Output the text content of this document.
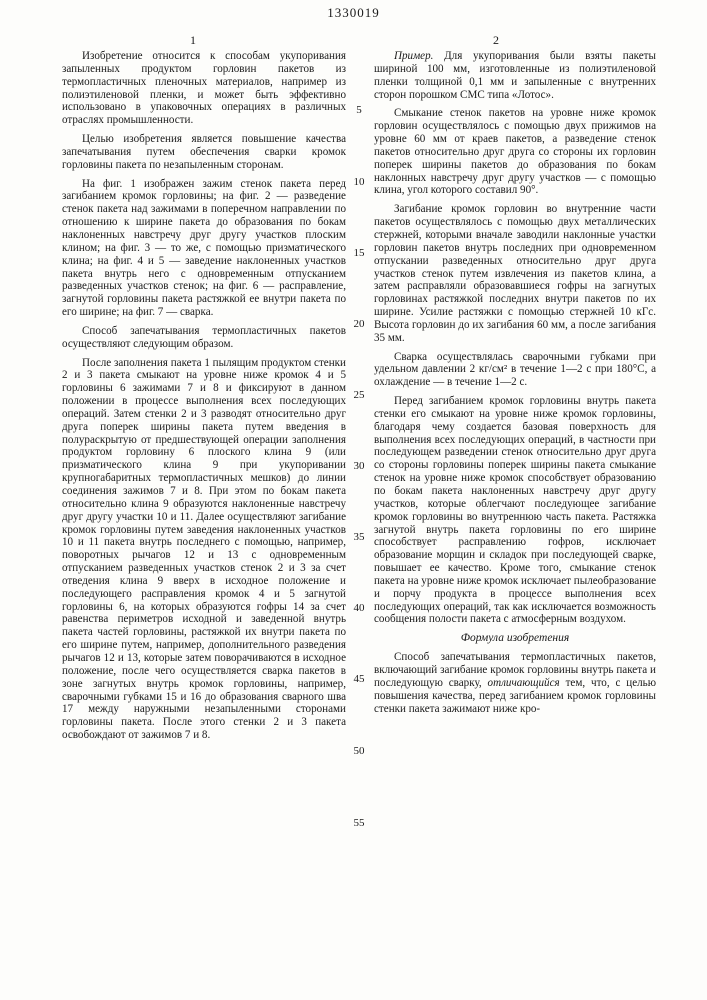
1330019
1	2
5
10
15
20
25
30
35
40
45
50
55

Изобретение относится к способам укупоривания запыленных продуктом горловин пакетов из термопластичных пленочных материалов, например из полиэтиленовой пленки, и может быть эффективно использовано в упаковочных операциях в различных отраслях промышленности.

Целью изобретения является повышение качества запечатывания путем обеспечения сварки кромок горловины пакета по незапыленным сторонам.

На фиг. 1 изображен зажим стенок пакета перед загибанием кромок горловины; на фиг. 2 — разведение стенок пакета над зажимами в поперечном направлении по отношению к ширине пакета до образования по бокам наклоненных навстречу друг другу участков плоским клином; на фиг. 3 — то же, с помощью призматического клина; на фиг. 4 и 5 — заведение наклоненных участков пакета внутрь него с одновременным отпусканием разведенных участков стенок; на фиг. 6 — расправление, загнутой горловины пакета растяжкой ее внутри пакета по его ширине; на фиг. 7 — сварка.

Способ запечатывания термопластичных пакетов осуществляют следующим образом.

После заполнения пакета 1 пылящим продуктом стенки 2 и 3 пакета смыкают на уровне ниже кромок 4 и 5 горловины 6 зажимами 7 и 8 и фиксируют в данном положении в процессе выполнения всех последующих операций. Затем стенки 2 и 3 разводят относительно друг друга поперек ширины пакета путем введения в полураскрытую от предшествующей операции заполнения продуктом горловину 6 плоского клина 9 (или призматического клина 9 при укупоривании крупногабаритных термопластичных мешков) до линии соединения зажимов 7 и 8. При этом по бокам пакета относительно клина 9 образуются наклоненные навстречу друг другу участки 10 и 11. Далее осуществляют загибание кромок горловины путем заведения наклоненных участков 10 и 11 пакета внутрь последнего с помощью, например, поворотных рычагов 12 и 13 с одновременным отпусканием разведенных участков стенок 2 и 3 за счет отведения клина 9 вверх в исходное положение и последующего расправления кромок 4 и 5 загнутой горловины 6, на которых образуются гофры 14 за счет равенства периметров исходной и заведенной внутрь пакета частей горловины, растяжкой их внутри пакета по его ширине путем, например, дополнительного разведения рычагов 12 и 13, которые затем поворачиваются в исходное положение, после чего осуществляется сварка пакетов в зоне загнутых внутрь кромок горловины, например, сварочными губками 15 и 16 до образования сварного шва 17 между наружными незапыленными сторонами горловины пакета. После этого стенки 2 и 3 пакета освобождают от зажимов 7 и 8.

Пример. Для укупоривания были взяты пакеты шириной 100 мм, изготовленные из полиэтиленовой пленки толщиной 0,1 мм и запыленные с внутренних сторон порошком СМС типа «Лотос».

Смыкание стенок пакетов на уровне ниже кромок горловин осуществлялось с помощью двух прижимов на уровне 60 мм от краев пакетов, а разведение стенок пакетов относительно друг друга со стороны их горловин поперек ширины пакетов до образования по бокам наклонных навстречу друг другу участков — с помощью клина, угол которого составил 90°.

Загибание кромок горловин во внутренние части пакетов осуществлялось с помощью двух металлических стержней, которыми вначале заводили наклонные участки горловин пакетов внутрь последних при одновременном отпускании разведенных относительно друг друга участков стенок путем извлечения из пакетов клина, а затем расправляли образовавшиеся гофры на загнутых горловинах растяжкой последних внутри пакетов по их ширине. Усилие растяжки с помощью стержней 10 кГс. Высота горловин до их загибания 60 мм, а после загибания 35 мм.

Сварка осуществлялась сварочными губками при удельном давлении 2 кг/см² в течение 1—2 с при 180°С, а охлаждение — в течение 1—2 с.

Перед загибанием кромок горловины внутрь пакета стенки его смыкают на уровне ниже кромок горловины, благодаря чему создается базовая поверхность для выполнения всех последующих операций, в частности при последующем разведении стенок относительно друг друга со стороны горловины поперек ширины пакета смыкание стенок на уровне ниже кромок способствует образованию по бокам пакета наклоненных навстречу друг другу участков, которые облегчают последующее загибание кромок горловины во внутреннюю часть пакета. Растяжка загнутой внутрь пакета горловины по его ширине способствует расправлению гофров, исключает образование морщин и складок при последующей сварке, повышает ее качество. Кроме того, смыкание стенок пакета на уровне ниже кромок исключает пылеобразование и порчу продукта в процессе выполнения всех последующих операций, так как исключается возможность сообщения полости пакета с атмосферным воздухом.

Формула изобретения

Способ запечатывания термопластичных пакетов, включающий загибание кромок горловины внутрь пакета и последующую сварку, отличающийся тем, что, с целью повышения качества, перед загибанием кромок горловины стенки пакета зажимают ниже кро-
